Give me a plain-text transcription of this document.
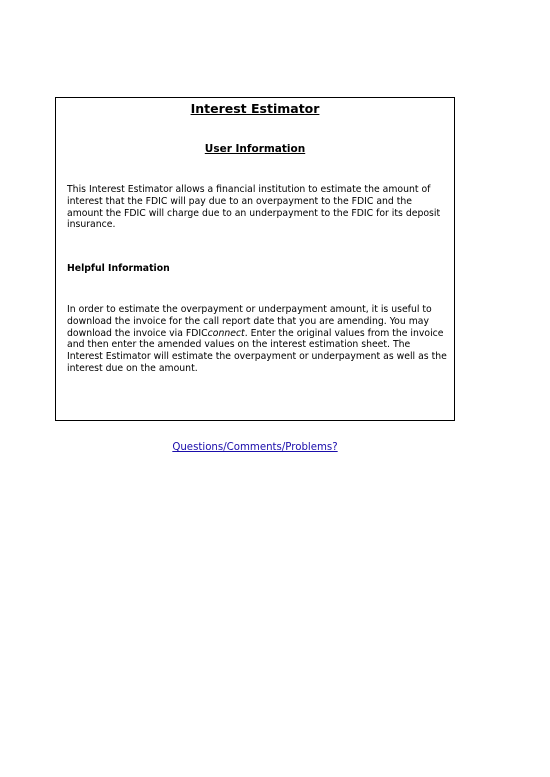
Interest Estimator
User Information

This Interest Estimator allows a financial institution to estimate the amount of interest that the FDIC will pay due to an overpayment to the FDIC and the amount the FDIC will charge due to an underpayment to the FDIC for its deposit insurance.

Helpful Information

In order to estimate the overpayment or underpayment amount, it is useful to download the invoice for the call report date that you are amending. You may download the invoice via FDICconnect. Enter the original values from the invoice and then enter the amended values on the interest estimation sheet. The Interest Estimator will estimate the overpayment or underpayment as well as the interest due on the amount.

Questions/Comments/Problems?
